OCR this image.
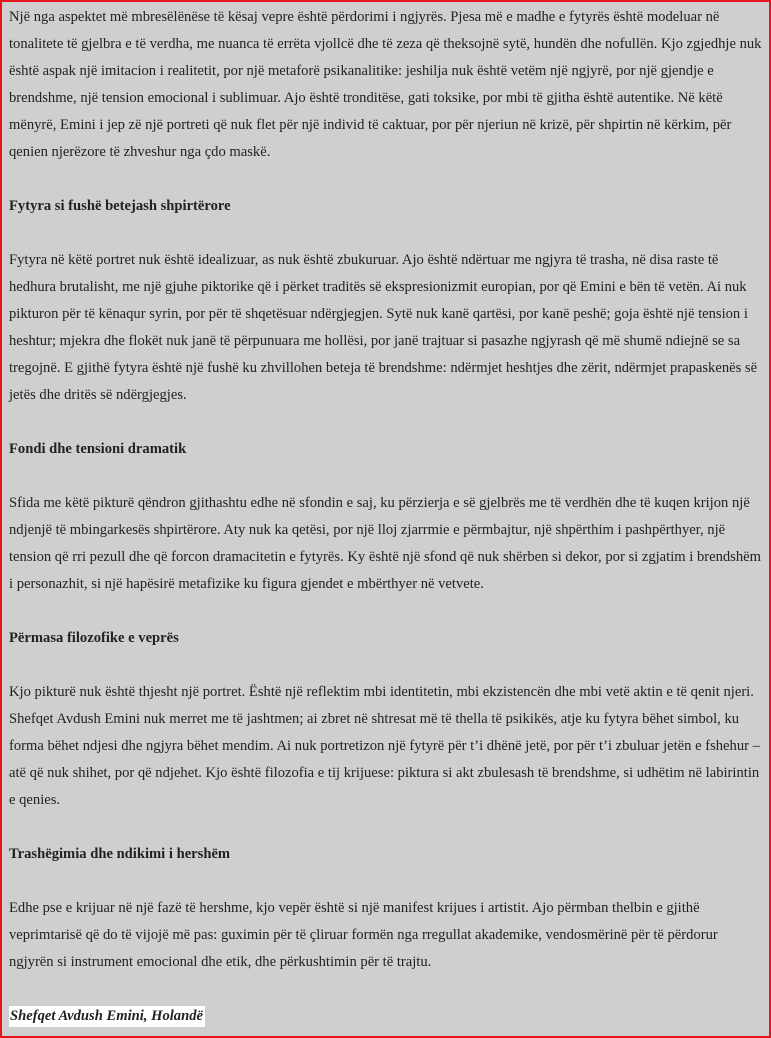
Një nga aspektet më mbresëlënëse të kësaj vepre është përdorimi i ngjyrës. Pjesa më e madhe e fytyrës është modeluar në tonalitete të gjelbra e të verdha, me nuanca të errëta vjollcë dhe të zeza që theksojnë sytë, hundën dhe nofullën. Kjo zgjedhje nuk është aspak një imitacion i realitetit, por një metaforë psikanalitike: jeshilja nuk është vetëm një ngjyrë, por një gjendje e brendshme, një tension emocional i sublimuar. Ajo është tronditëse, gati toksike, por mbi të gjitha është autentike. Në këtë mënyrë, Emini i jep zë një portreti që nuk flet për një individ të caktuar, por për njeriun në krizë, për shpirtin në kërkim, për qenien njerëzore të zhveshur nga çdo maskë.

Fytyra si fushë betejash shpirtërore

Fytyra në këtë portret nuk është idealizuar, as nuk është zbukuruar. Ajo është ndërtuar me ngjyra të trasha, në disa raste të hedhura brutalisht, me një gjuhe piktorike që i përket traditës së ekspresionizmit europian, por që Emini e bën të vetën. Ai nuk pikturon për të kënaqur syrin, por për të shqetësuar ndërgjegjen. Sytë nuk kanë qartësi, por kanë peshë; goja është një tension i heshtur; mjekra dhe flokët nuk janë të përpunuara me hollësi, por janë trajtuar si pasazhe ngjyrash që më shumë ndiejnë se sa tregojnë. E gjithë fytyra është një fushë ku zhvillohen beteja të brendshme: ndërmjet heshtjes dhe zërit, ndërmjet prapaskenës së jetës dhe dritës së ndërgjegjes.

Fondi dhe tensioni dramatik

Sfida me këtë pikturë qëndron gjithashtu edhe në sfondin e saj, ku përzierja e së gjelbrës me të verdhën dhe të kuqen krijon një ndjenjë të mbingarkesës shpirtërore. Aty nuk ka qetësi, por një lloj zjarrmie e përmbajtur, një shpërthim i pashpërthyer, një tension që rri pezull dhe që forcon dramacitetin e fytyrës. Ky është një sfond që nuk shërben si dekor, por si zgjatim i brendshëm i personazhit, si një hapësirë metafizike ku figura gjendet e mbërthyer në vetvete.

Përmasa filozofike e veprës

Kjo pikturë nuk është thjesht një portret. Është një reflektim mbi identitetin, mbi ekzistencën dhe mbi vetë aktin e të qenit njeri. Shefqet Avdush Emini nuk merret me të jashtmen; ai zbret në shtresat më të thella të psikikës, atje ku fytyra bëhet simbol, ku forma bëhet ndjesi dhe ngjyra bëhet mendim. Ai nuk portretizon një fytyrë për t’i dhënë jetë, por për t’i zbuluar jetën e fshehur – atë që nuk shihet, por që ndjehet. Kjo është filozofia e tij krijuese: piktura si akt zbulesash të brendshme, si udhëtim në labirintin e qenies.

Trashëgimia dhe ndikimi i hershëm

Edhe pse e krijuar në një fazë të hershme, kjo vepër është si një manifest krijues i artistit. Ajo përmban thelbin e gjithë veprimtarisë që do të vijojë më pas: guximin për të çliruar formën nga rregullat akademike, vendosmërinë për të përdorur ngjyrën si instrument emocional dhe etik, dhe përkushtimin për të trajtu.

Shefqet Avdush Emini, Holandë
